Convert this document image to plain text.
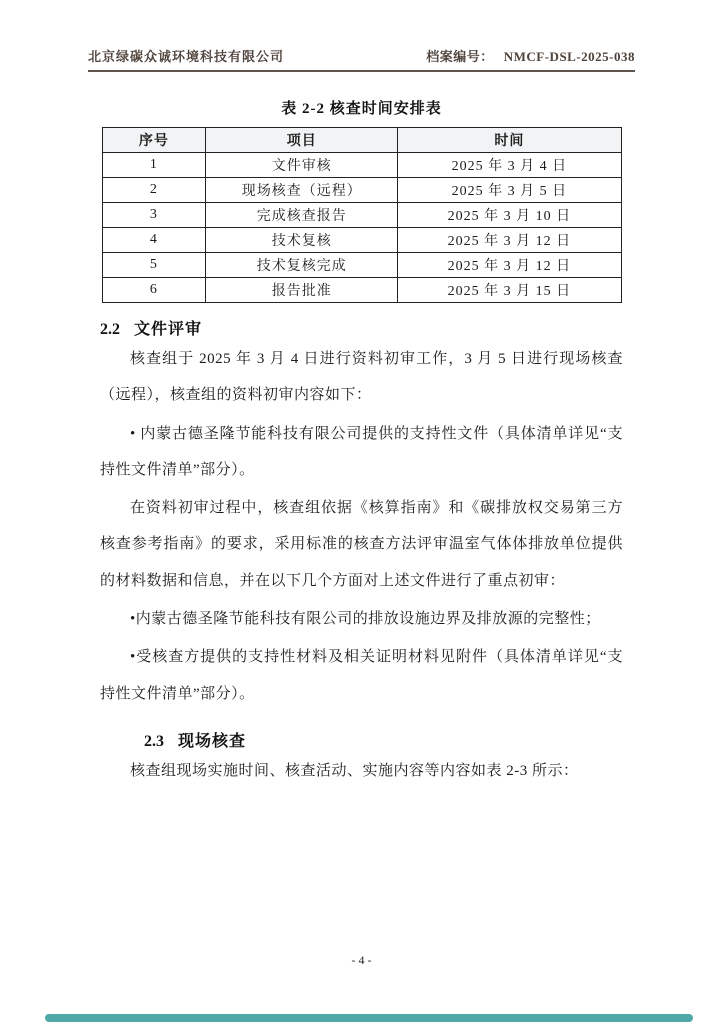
北京绿碳众诚环境科技有限公司	档案编号： NMCF-DSL-2025-038
表 2-2 核查时间安排表
序号	项目	时间
1	文件审核	2025 年 3 月 4 日
2	现场核查（远程）	2025 年 3 月 5 日
3	完成核查报告	2025 年 3 月 10 日
4	技术复核	2025 年 3 月 12 日
5	技术复核完成	2025 年 3 月 12 日
6	报告批准	2025 年 3 月 15 日
2.2 文件评审

核查组于 2025 年 3 月 4 日进行资料初审工作，3 月 5 日进行现场核查（远程），核查组的资料初审内容如下：

• 内蒙古德圣隆节能科技有限公司提供的支持性文件（具体清单详见“支持性文件清单”部分）。

在资料初审过程中，核查组依据《核算指南》和《碳排放权交易第三方核查参考指南》的要求，采用标准的核查方法评审温室气体体排放单位提供的材料数据和信息，并在以下几个方面对上述文件进行了重点初审：

•内蒙古德圣隆节能科技有限公司的排放设施边界及排放源的完整性；

•受核查方提供的支持性材料及相关证明材料见附件（具体清单详见“支持性文件清单”部分）。

2.3 现场核查

核查组现场实施时间、核查活动、实施内容等内容如表 2-3 所示：

- 4 -
